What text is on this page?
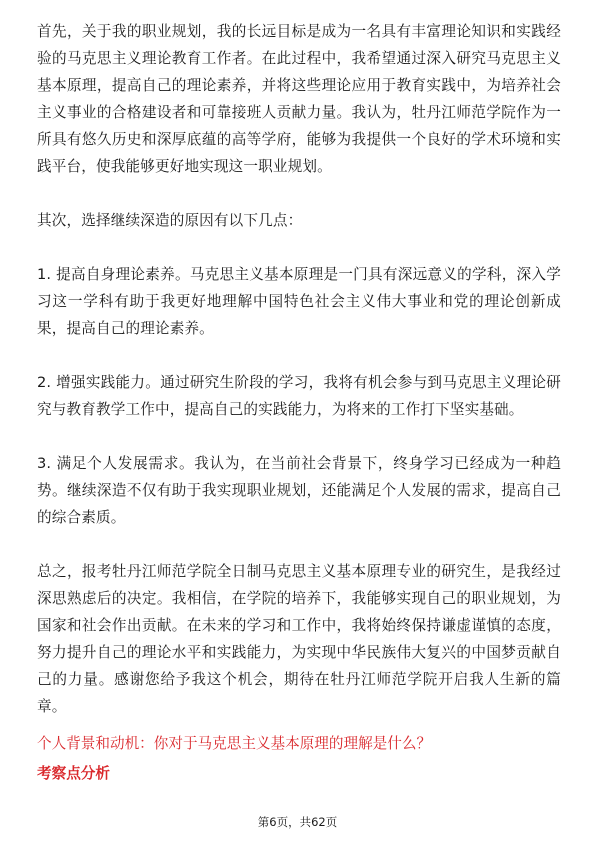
首先，关于我的职业规划，我的长远目标是成为一名具有丰富理论知识和实践经验的马克思主义理论教育工作者。在此过程中，我希望通过深入研究马克思主义基本原理，提高自己的理论素养，并将这些理论应用于教育实践中，为培养社会主义事业的合格建设者和可靠接班人贡献力量。我认为，牡丹江师范学院作为一所具有悠久历史和深厚底蕴的高等学府，能够为我提供一个良好的学术环境和实践平台，使我能够更好地实现这一职业规划。

其次，选择继续深造的原因有以下几点：

1. 提高自身理论素养。马克思主义基本原理是一门具有深远意义的学科，深入学习这一学科有助于我更好地理解中国特色社会主义伟大事业和党的理论创新成果，提高自己的理论素养。

2. 增强实践能力。通过研究生阶段的学习，我将有机会参与到马克思主义理论研究与教育教学工作中，提高自己的实践能力，为将来的工作打下坚实基础。

3. 满足个人发展需求。我认为，在当前社会背景下，终身学习已经成为一种趋势。继续深造不仅有助于我实现职业规划，还能满足个人发展的需求，提高自己的综合素质。

总之，报考牡丹江师范学院全日制马克思主义基本原理专业的研究生，是我经过深思熟虑后的决定。我相信，在学院的培养下，我能够实现自己的职业规划，为国家和社会作出贡献。在未来的学习和工作中，我将始终保持谦虚谨慎的态度，努力提升自己的理论水平和实践能力，为实现中华民族伟大复兴的中国梦贡献自己的力量。感谢您给予我这个机会，期待在牡丹江师范学院开启我人生新的篇章。

个人背景和动机：你对于马克思主义基本原理的理解是什么？

考察点分析

第6页，共62页
